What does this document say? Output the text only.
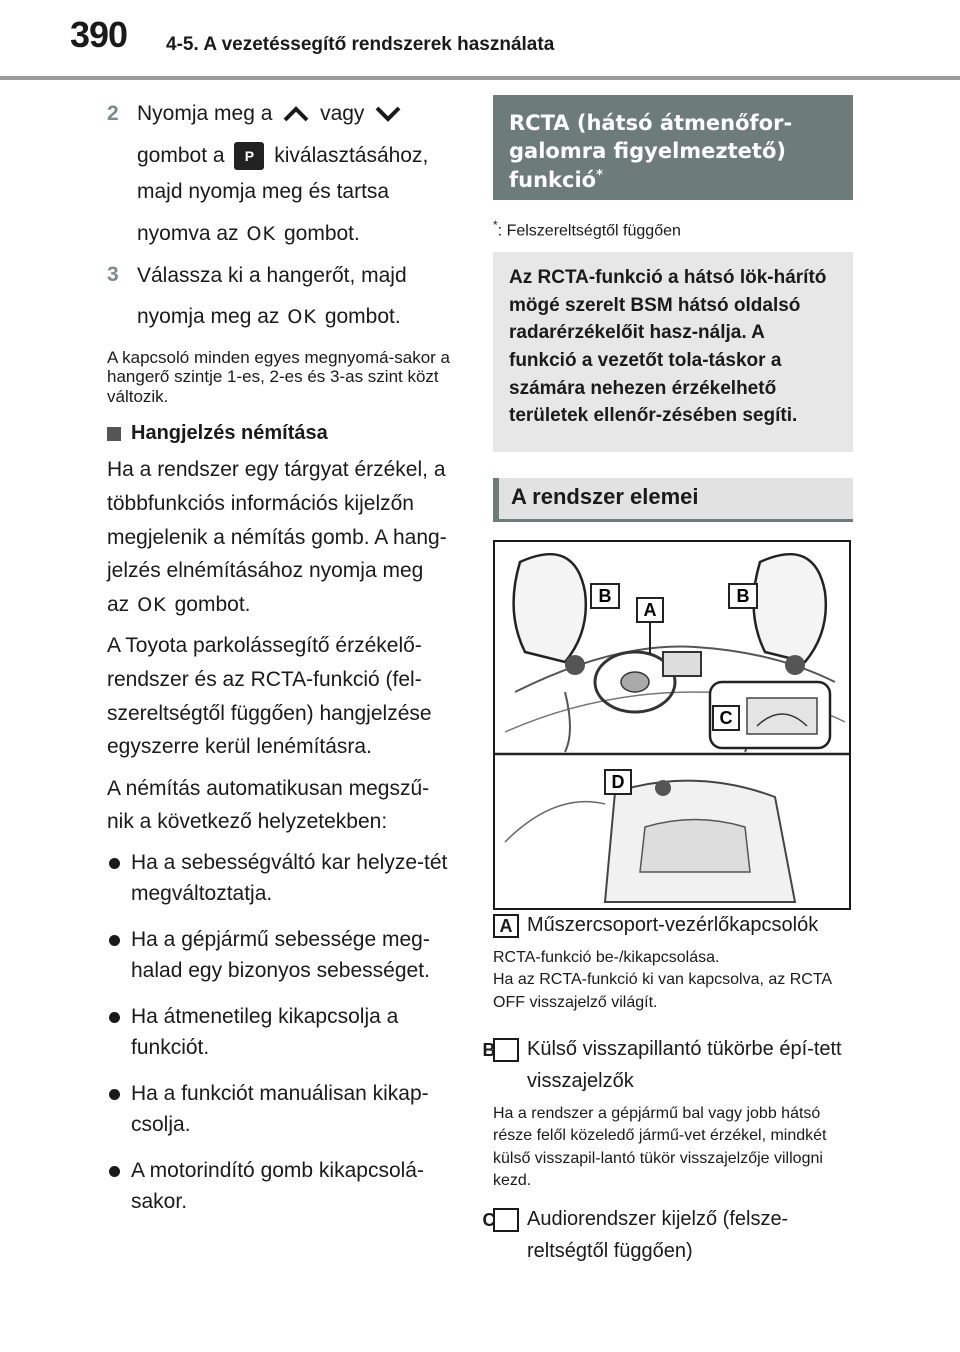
390 4-5. A vezetéssegítő rendszerek használata
2 Nyomja meg a vagy

gombot a P kiválasztásához,

majd nyomja meg és tartsa

nyomva az OK gombot.

3 Válassza ki a hangerőt, majd

nyomja meg az OK gombot.

A kapcsoló minden egyes megnyomá-sakor a hangerő szintje 1-es, 2-es és 3-as szint közt változik.

Hangjelzés némítása

Ha a rendszer egy tárgyat érzékel, a többfunkciós információs kijelzőn megjelenik a némítás gomb. A hang-jelzés elnémításához nyomja meg az OK gombot.

A Toyota parkolássegítő érzékelő-rendszer és az RCTA-funkció (fel-szereltségtől függően) hangjelzése egyszerre kerül lenémításra.

A némítás automatikusan megszű-nik a következő helyzetekben:

Ha a sebességváltó kar helyze-tét megváltoztatja.
Ha a gépjármű sebessége meg-halad egy bizonyos sebességet.
Ha átmenetileg kikapcsolja a funkciót.
Ha a funkciót manuálisan kikap-csolja.
A motorindító gomb kikapcsolá-sakor.
RCTA (hátsó átmenőfor-
galomra figyelmeztető)
funkció*

*: Felszereltségtől függően

Az RCTA-funkció a hátsó lök-hárító mögé szerelt BSM hátsó oldalsó radarérzékelőit hasz-nálja. A funkció a vezetőt tola-táskor a számára nehezen érzékelhető területek ellenőr-zésében segíti.
A rendszer elemei
B	B
A
C
D
A Műszercsoport-vezérlőkapcsolók

RCTA-funkció be-/kikapcsolása.
Ha az RCTA-funkció ki van kapcsolva, az RCTA OFF visszajelző világít.

B Külső visszapillantó tükörbe épí-tett visszajelzők

Ha a rendszer a gépjármű bal vagy jobb hátsó része felől közeledő jármű-vet érzékel, mindkét külső visszapil-lantó tükör visszajelzője villogni kezd.

C Audiorendszer kijelző (felsze-reltségtől függően)
